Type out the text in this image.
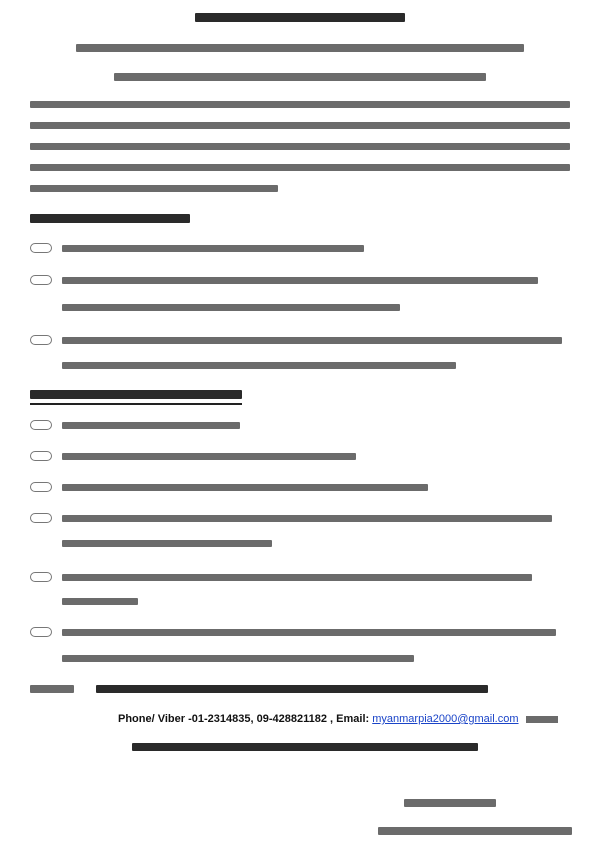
Phone/ Viber -01-2314835, 09-428821182 , Email: myanmarpia2000@gmail.com
